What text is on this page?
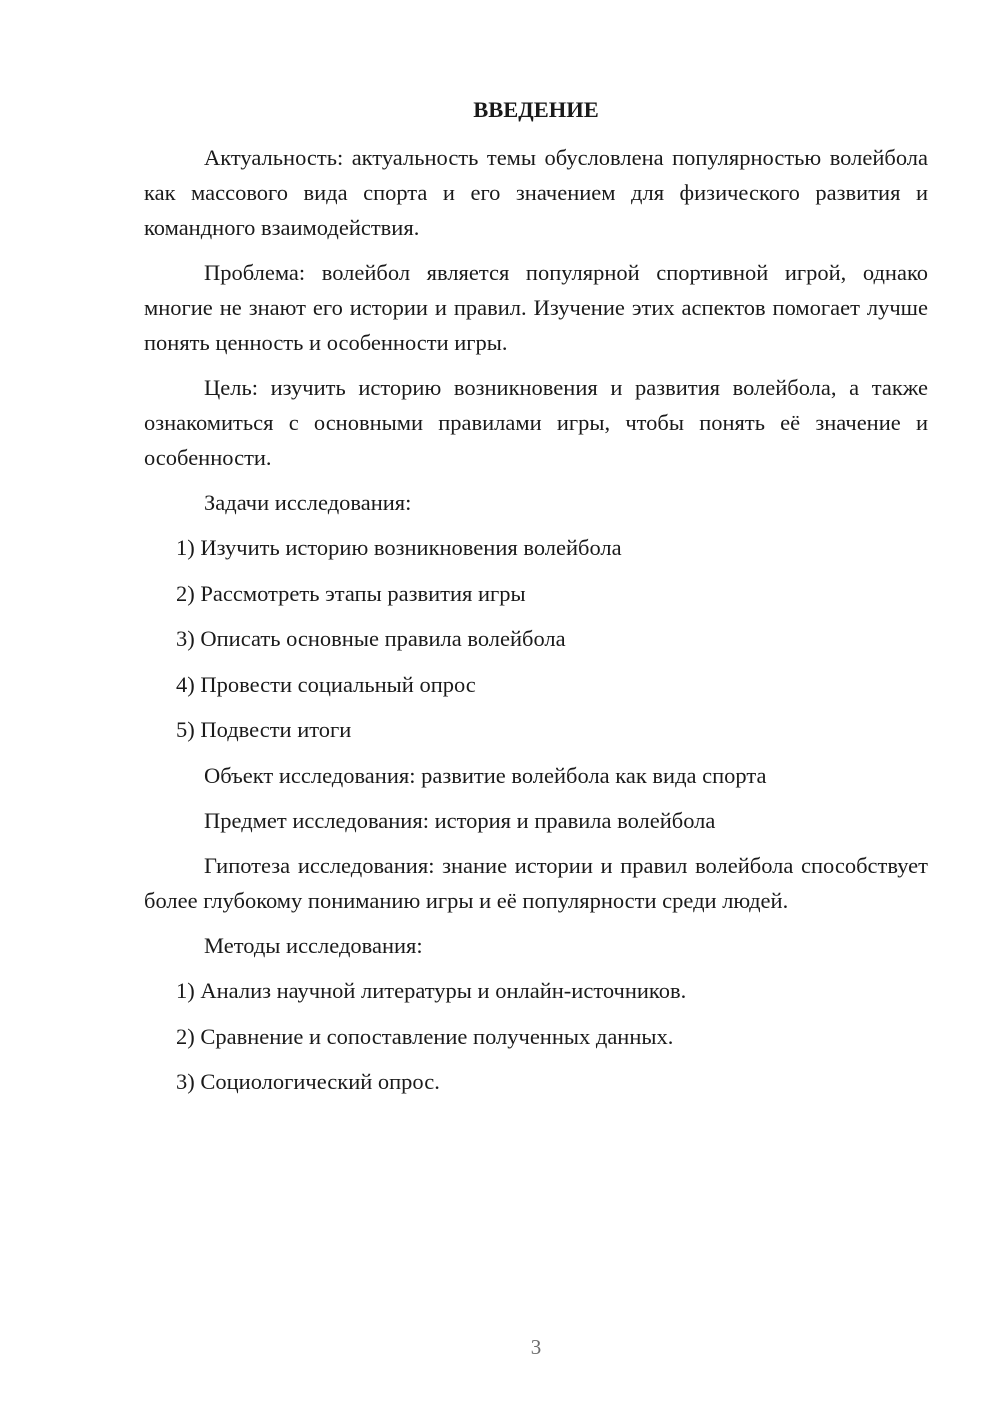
ВВЕДЕНИЕ

Актуальность: актуальность темы обусловлена популярностью волейбола как массового вида спорта и его значением для физического развития и командного взаимодействия.

Проблема: волейбол является популярной спортивной игрой, однако многие не знают его истории и правил. Изучение этих аспектов помогает лучше понять ценность и особенности игры.

Цель: изучить историю возникновения и развития волейбола, а также ознакомиться с основными правилами игры, чтобы понять её значение и особенности.

Задачи исследования:

1) Изучить историю возникновения волейбола

2) Рассмотреть этапы развития игры

3) Описать основные правила волейбола

4) Провести социальный опрос

5) Подвести итоги

Объект исследования: развитие волейбола как вида спорта

Предмет исследования: история и правила волейбола

Гипотеза исследования: знание истории и правил волейбола способствует более глубокому пониманию игры и её популярности среди людей.

Методы исследования:

1) Анализ научной литературы и онлайн-источников.

2) Сравнение и сопоставление полученных данных.

3) Социологический опрос.

3
